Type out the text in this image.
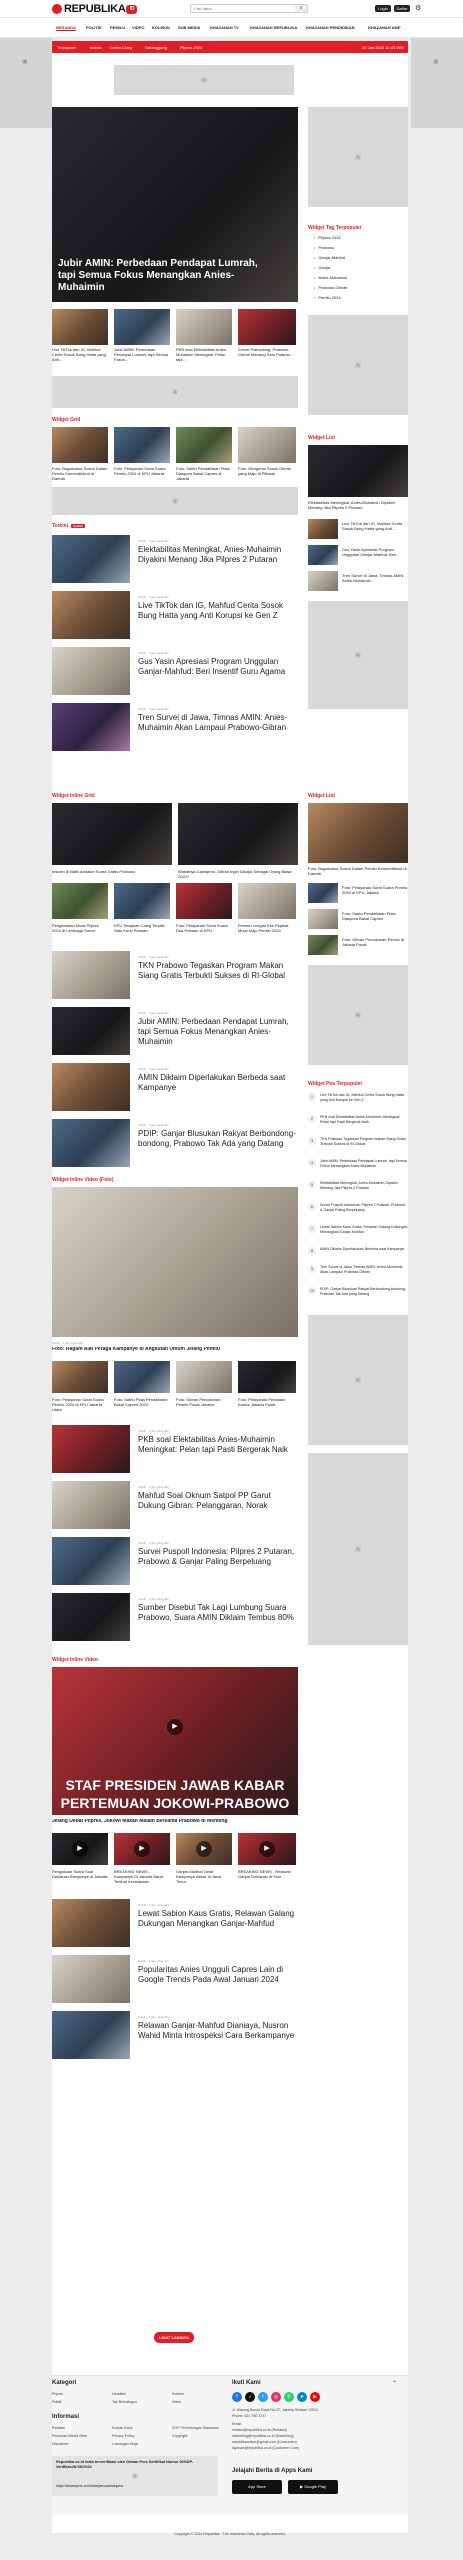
REPUBLIKA ID
Cari disini...	⌕	Login	Daftar	⚙
BERANDA	POLITIK PEMILU VIDEO KOLEKSI SUB MEDIA KHAZANAH TV	KHAZANAH REPUBLIKA KHAZANAH PENDIDIKAN	KHAZANAH AMP
▣	▣
Terpopuler	Indeks Cerita Caleg	Gelanggang	Pilpres 2024	22 Jan 2024 12:43 WIB
▣
Jubir AMIN: Perbedaan Pendapat Lumrah, tapi Semua Fokus Menangkan Anies-Muhaimin
Live TikTok dan IG, Mahfud Cerita Sosok Bung Hatta yang Anti...
Jubir AMIN: Perbedaan Pendapat Lumrah, tapi Semua Fokus...
PKB soal Elektabilitas Anies-Muhaimin Meningkat: Pelan tapi...
Survei Poltracking: Prabowo-Gibran Menang Satu Putaran...
▣
▣
Widget Tag Terpopuler
• Pilpres 2024
• Prabowo
• Ganjar-Mahfud
• Ganjar
• Anies-Muhaimin
• Prabowo-Gibran
• Pemilu 2024
▣
Widget Grid
Foto: Bagaimana Sosok Dalam Pemilu Kemendikbud di Daerah
Foto: Pelayanan Surat Suara Pemilu 2024 di KPU Jakarta
Foto: Sabtu Pendaftaran Piala Diaspora Bakal Capres di Jakarta
Foto: Mengenal Sosok Gibran yang Maju di Pilkada
▣
Widget List
Elektabilitas Meningkat, Anies-Muhaimin Diyakini Menang Jika Pilpres 2 Putaran
Live TikTok dan IG, Mahfud Cerita Sosok Bung Hatta yang Anti...
Gus Yasin Apresiasi Program Unggulan Ganjar-Mahfud: Beri...
Tren Survei di Jawa, Timnas AMIN: Anies-Muhaimin...
▣
Terkini Update
Politik · 1 jam yang lalu
Elektabilitas Meningkat, Anies-Muhaimin Diyakini Menang Jika Pilpres 2 Putaran
Politik · 1 jam yang lalu
Live TikTok dan IG, Mahfud Cerita Sosok Bung Hatta yang Anti Korupsi ke Gen Z
Politik · 1 jam yang lalu
Gus Yasin Apresiasi Program Unggulan Ganjar-Mahfud: Beri Insentif Guru Agama
Politik · 1 jam yang lalu
Tren Survei di Jawa, Timnas AMIN: Anies-Muhaimin Akan Lampaui Prabowo-Gibran
Widget Inline Grid
Insiden di Batik Andalan Suara Gratis Prabowo	Wakatnya Cawapres, Gibran Ingin Disapa Sebagai Orang Biasa 2024?
Pengamatan Mulai Pilpres 2024 di Lembaga Survei
KPU Tetapkan Caleg Terpilih Satu Kursi Putaran
Foto: Pelayanan Surat Suara Dua Putaran di KPU
Pemain Lengan Eks Pejabat Mulai Maju Pemilu 2024
Widget List
Foto: Bagaimana Sosok Dalam Pemilu Kemendikbud di Daerah
Foto: Pelayanan Surat Suara Pemilu 2024 di KPU Jakarta
Foto: Sabtu Pendaftaran Piala Diaspora Bakal Capres
Foto: Gibran Pencalonan Pemilu di Jakarta Pusat
▣
Politik · 1 jam yang lalu
TKN Prabowo Tegaskan Program Makan Siang Gratis Terbukti Sukses di RI-Global
Politik · 1 jam yang lalu
Jubir AMIN: Perbedaan Pendapat Lumrah, tapi Semua Fokus Menangkan Anies-Muhaimin
Politik · 1 jam yang lalu
AMIN Diklaim Diperlakukan Berbeda saat Kampanye
Politik · 1 jam yang lalu
PDIP: Ganjar Blusukan Rakyat Berbondong-bondong, Prabowo Tak Ada yang Datang
Widget Pos Terpopuler
1	Live TikTok dan IG, Mahfud Cerita Sosok Bung Hatta yang Anti Korupsi ke Gen Z
2	PKB soal Elektabilitas Anies-Muhaimin Meningkat: Pelan tapi Pasti Bergerak Naik
3	TKN Prabowo Tegaskan Program Makan Siang Gratis Terbukti Sukses di RI-Global
4	Jubir AMIN: Perbedaan Pendapat Lumrah, tapi Semua Fokus Menangkan Anies-Muhaimin
5	Elektabilitas Meningkat, Anies-Muhaimin Diyakini Menang Jika Pilpres 2 Putaran
6	Survei Puspoll Indonesia: Pilpres 2 Putaran, Prabowo & Ganjar Paling Berpeluang
7	Lewat Sabion Kaus Gratis, Relawan Galang Dukungan Menangkan Ganjar-Mahfud
8	AMIN Diklaim Diperlakukan Berbeda saat Kampanye
9	Tren Survei di Jawa, Timnas AMIN: Anies-Muhaimin Akan Lampaui Prabowo-Gibran
10	PDIP: Ganjar Blusukan Rakyat Berbondong-bondong, Prabowo Tak Ada yang Datang
▣
▣
Widget Inline Video (Foto)
Politik · 1 jam yang lalu
Foto: Ragam Alat Peraga Kampanye di Angkutan Umum Jelang Pemilu
Foto: Pelayanan Surat Suara Pemilu 2024 di KPU Jakarta Utara
Foto: Sabtu Piala Pendaftaran Bakal Capres 2024
Foto: Gibran Pencalonan Pemilu Pusat Jakarta
Foto: Pelayanan Penataan Kantor Jakarta Pusat
Politik · 1 jam yang lalu
PKB soal Elektabilitas Anies-Muhaimin Meningkat: Pelan tapi Pasti Bergerak Naik
Politik · 1 jam yang lalu
Mahfud Soal Oknum Satpol PP Garut Dukung Gibran: Pelanggaran, Norak
Politik · 1 jam yang lalu
Survei Puspoll Indonesia: Pilpres 2 Putaran, Prabowo & Ganjar Paling Berpeluang
Politik · 1 jam yang lalu
Sumber Disebut Tak Lagi Lumbung Suara Prabowo, Suara AMIN Diklaim Tembus 80%
Widget Inline Video
▶
STAF PRESIDEN JAWAB KABAR
PERTEMUAN JOKOWI-PRABOWO
Jelang Debat Pilpres, Jokowi Makan Malam Bersama Prabowo di Menteng
▶	▶	▶	▶
Pengakuan Suara Soal Deklarasi Kampanye di Jakarta
BREAKING NEWS - Kampanye Di Jakarta Barat Terlibat Kecelakaan
Ganjar-Mahfud Gelar Kampanye Akbar di Jawa Timur
BREAKING NEWS - Relawan Ganjar Deklarasi di Solo
Politik · 1 jam yang lalu
Lewat Sabion Kaus Gratis, Relawan Galang Dukungan Menangkan Ganjar-Mahfud
Politik · 1 jam yang lalu
Popularitas Anies Ungguli Capres Lain di Google Trends Pada Awal Januari 2024
Politik · 1 jam yang lalu
Relawan Ganjar-Mahfud Dianiaya, Nusron Wahid Minta Introspeksi Cara Berkampanye
LIHAT LAINNYA
Kategori
Pilpres
Politik
Headline
Tak Berkategori
Koleksi
Video
Informasi
Redaksi
Pedoman Media Siber
Disclaimer
Kontak Kami
Privacy Policy
Lowongan Kerja
SOP Perlindungan Wartawan
Copyright
▣
Republika.co.id telah terverifikasi oleh Dewan Pers Sertifikat Nomor 005/DP-Verifikasi/K/XII/2024
https://dewanpers.or.id/data/perusahaanpers
Ikuti Kami	⌃
f	♪	t	◎	✆	➤	▶
Jl. Warung Buncit Raya No.37, Jakarta Selatan 12510
Phone: 021 780 3747
Email:
redaksi@republika.co.id (Redaksi)
marketing@republika.co.id (Marketing)
republikaonline@gmail.com (Konsumen)
layanan@republika.co.id (Customer Care)
Jelajahi Berita di Apps Kami
App Store	▶ Google Play
Copyright © 2024 Republika · The Indonesia Daily. All rights reserved.
